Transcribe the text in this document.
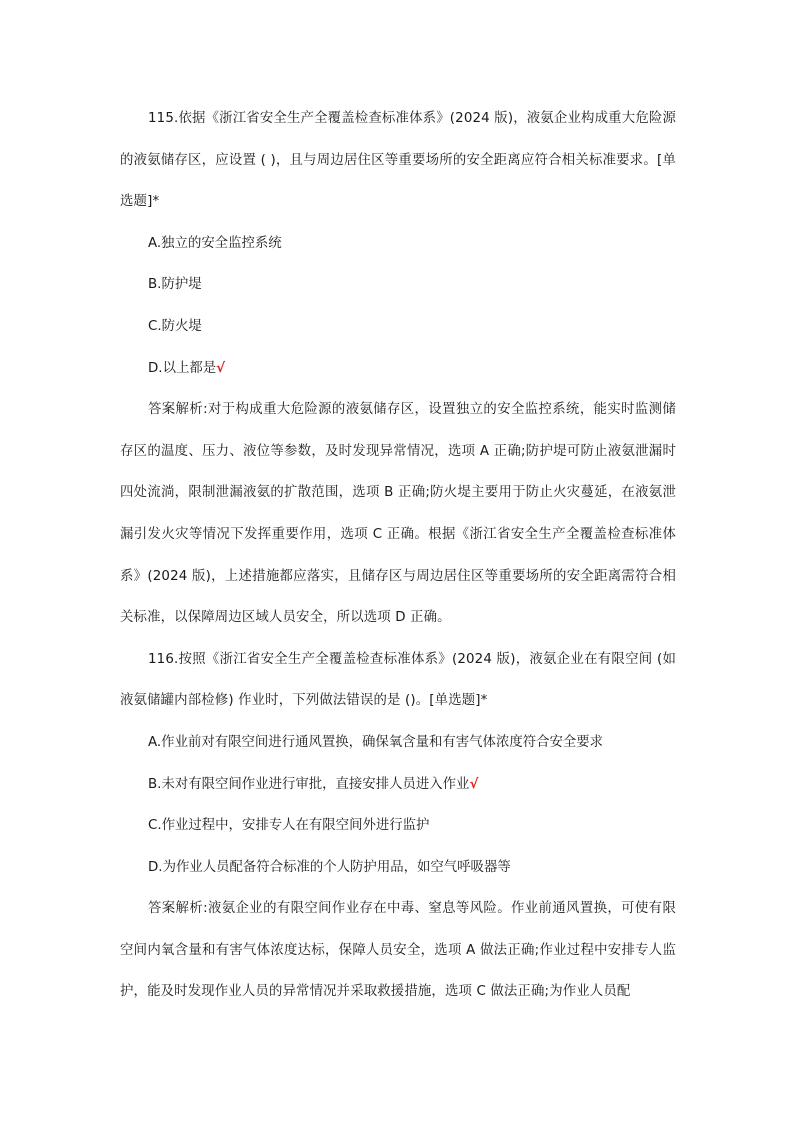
115.依据《浙江省安全生产全覆盖检查标准体系》(2024 版)，液氨企业构成重大危险源的液氨储存区，应设置 ( )，且与周边居住区等重要场所的安全距离应符合相关标准要求。[单选题]*

A.独立的安全监控系统

B.防护堤

C.防火堤

D.以上都是√

答案解析:对于构成重大危险源的液氨储存区，设置独立的安全监控系统，能实时监测储存区的温度、压力、液位等参数，及时发现异常情况，选项 A 正确;防护堤可防止液氨泄漏时四处流淌，限制泄漏液氨的扩散范围，选项 B 正确;防火堤主要用于防止火灾蔓延，在液氨泄漏引发火灾等情况下发挥重要作用，选项 C 正确。根据《浙江省安全生产全覆盖检查标准体系》(2024 版)，上述措施都应落实，且储存区与周边居住区等重要场所的安全距离需符合相关标准，以保障周边区域人员安全，所以选项 D 正确。

116.按照《浙江省安全生产全覆盖检查标准体系》(2024 版)，液氨企业在有限空间 (如液氨储罐内部检修) 作业时，下列做法错误的是 ()。[单选题]*

A.作业前对有限空间进行通风置换，确保氧含量和有害气体浓度符合安全要求

B.未对有限空间作业进行审批，直接安排人员进入作业√

C.作业过程中，安排专人在有限空间外进行监护

D.为作业人员配备符合标准的个人防护用品，如空气呼吸器等

答案解析:液氨企业的有限空间作业存在中毒、窒息等风险。作业前通风置换，可使有限空间内氧含量和有害气体浓度达标，保障人员安全，选项 A 做法正确;作业过程中安排专人监护，能及时发现作业人员的异常情况并采取救援措施，选项 C 做法正确;为作业人员配
